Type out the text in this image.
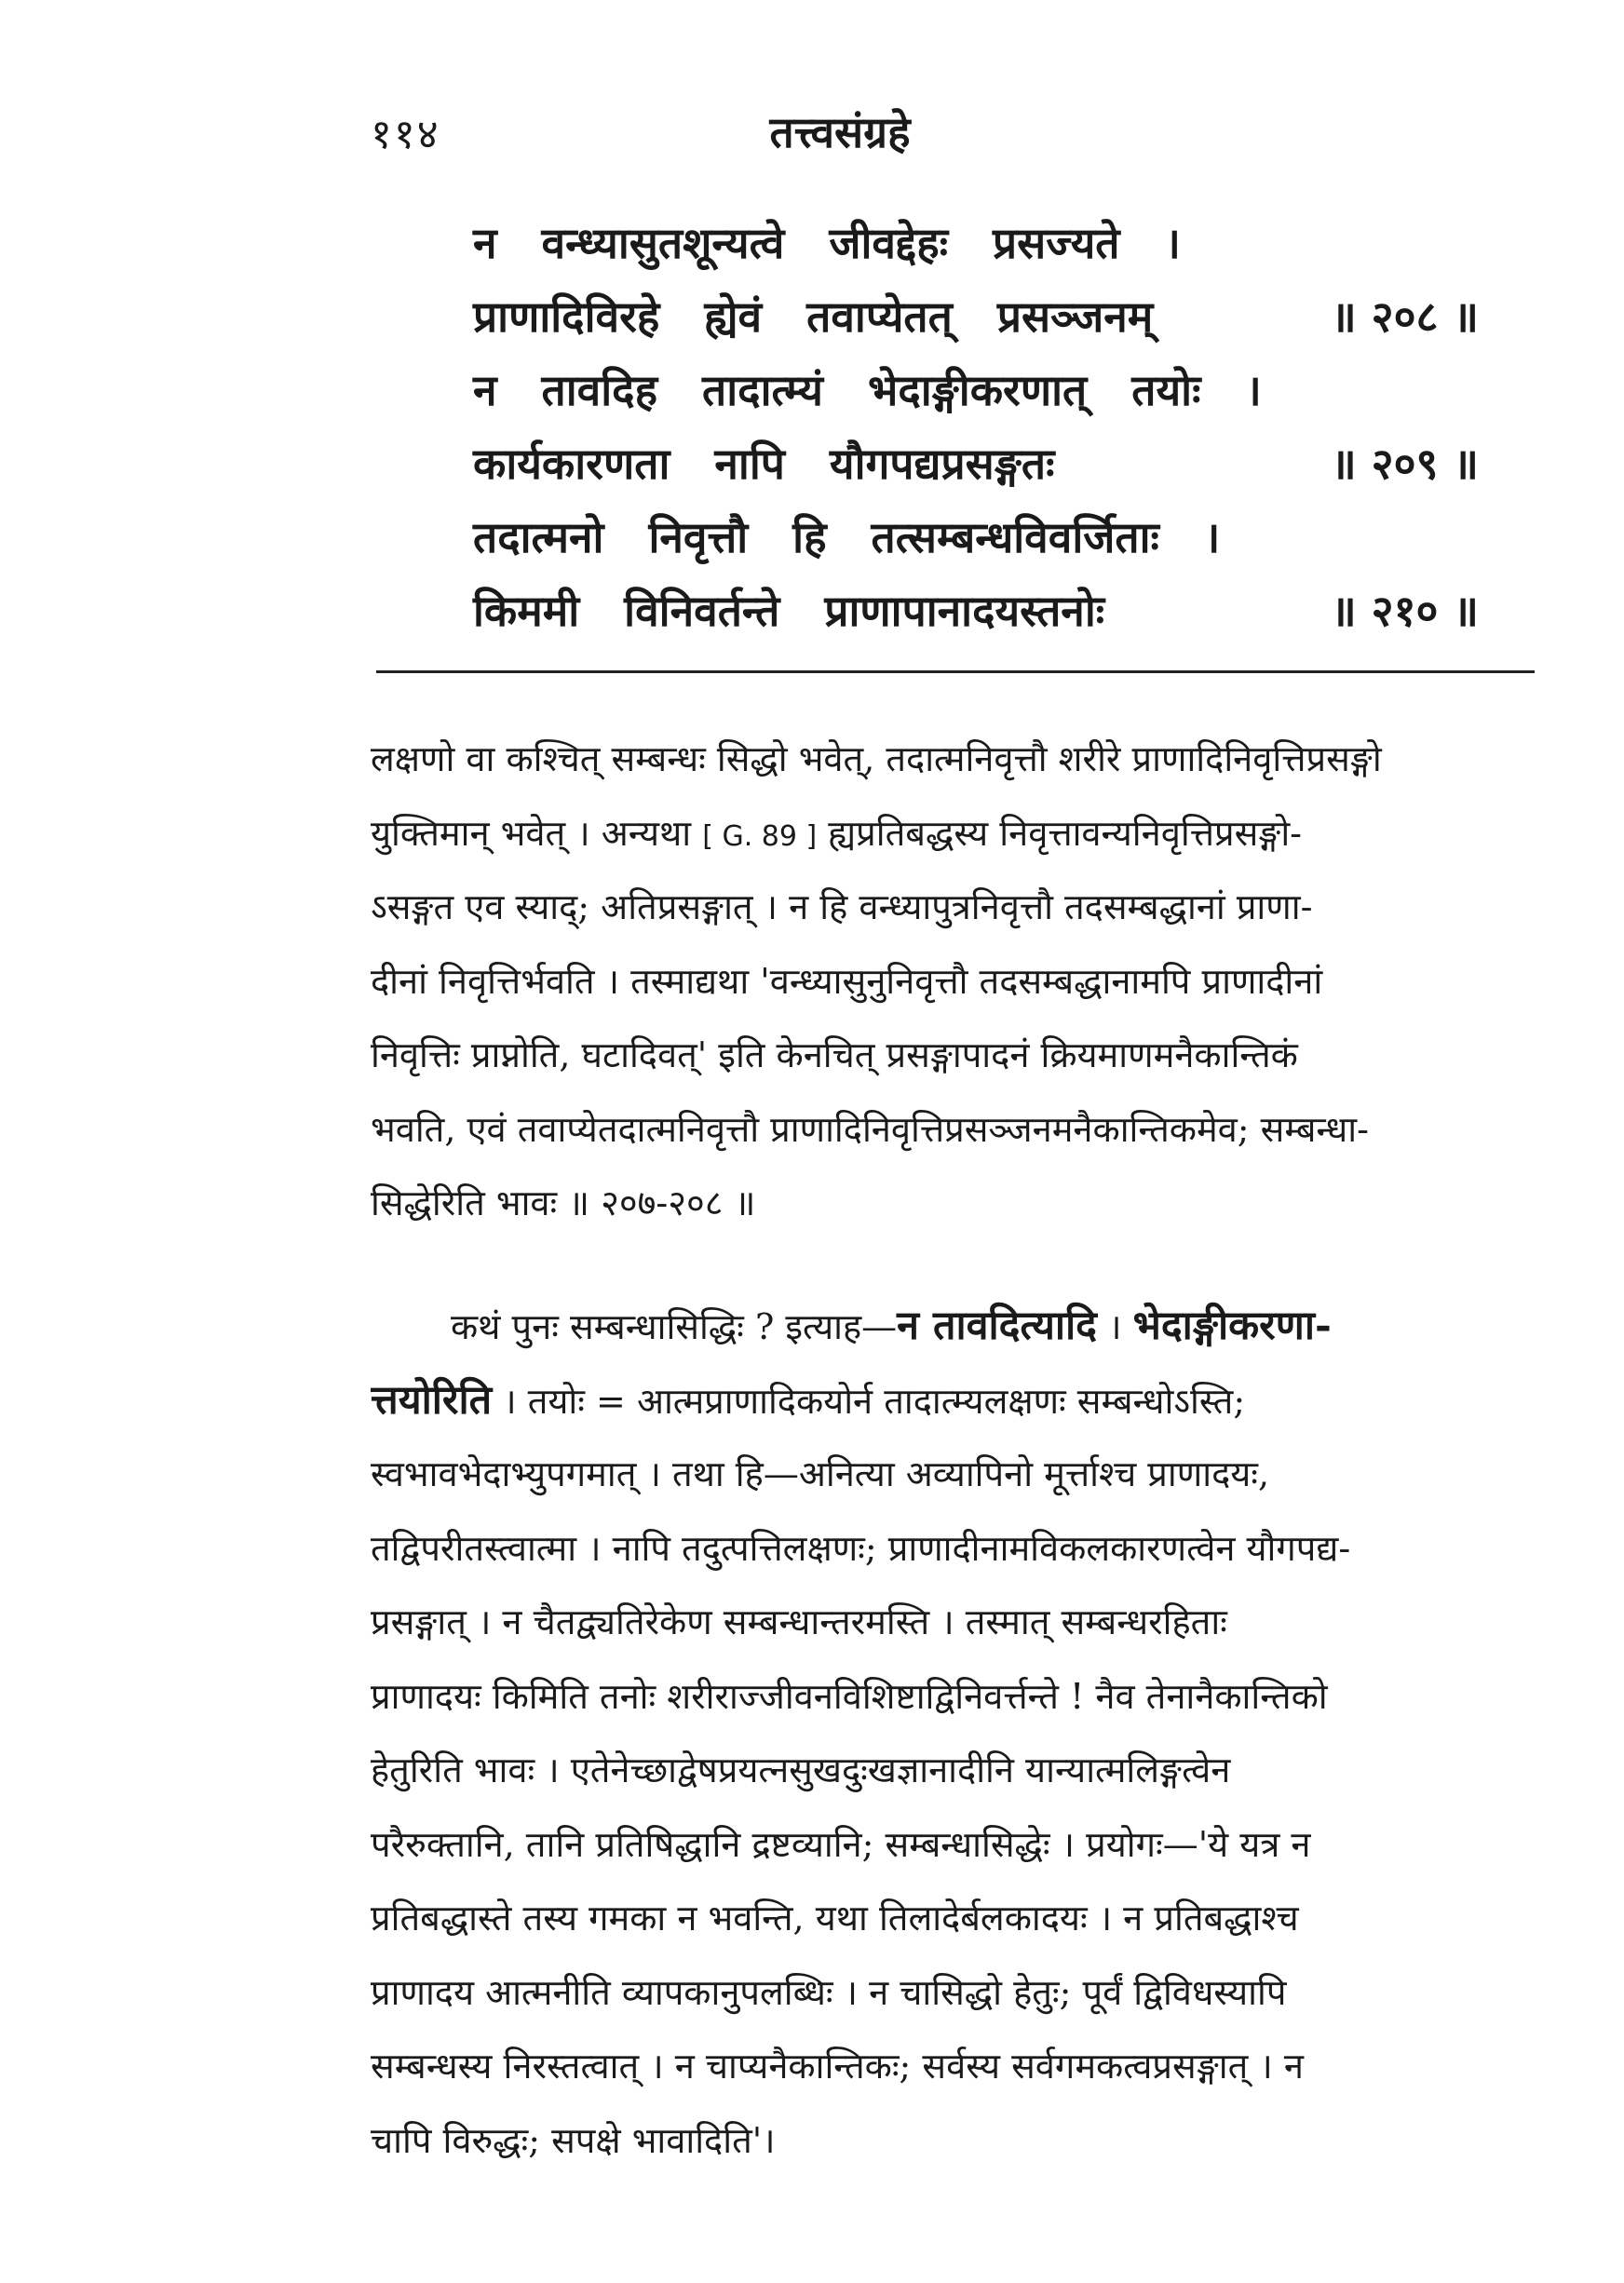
११४	तत्त्वसंग्रहे
न वन्ध्यासुतशून्यत्वे जीवद्देहः प्रसज्यते ।
प्राणादिविरहे ह्येवं तवाप्येतत् प्रसञ्जनम्	॥ २०८ ॥
न तावदिह तादात्म्यं भेदाङ्गीकरणात् तयोः ।
कार्यकारणता नापि यौगपद्यप्रसङ्गतः	॥ २०९ ॥
तदात्मनो निवृत्तौ हि तत्सम्बन्धविवर्जिताः ।
किममी विनिवर्तन्ते प्राणापानादयस्तनोः	॥ २१० ॥
लक्षणो वा कश्चित् सम्बन्धः सिद्धो भवेत्, तदात्मनिवृत्तौ शरीरे प्राणादिनिवृत्तिप्रसङ्गो
युक्तिमान् भवेत् । अन्यथा [ G. 89 ] ह्यप्रतिबद्धस्य निवृत्तावन्यनिवृत्तिप्रसङ्गो-
ऽसङ्गत एव स्याद्; अतिप्रसङ्गात् । न हि वन्ध्यापुत्रनिवृत्तौ तदसम्बद्धानां प्राणा-
दीनां निवृत्तिर्भवति । तस्माद्यथा 'वन्ध्यासुनुनिवृत्तौ तदसम्बद्धानामपि प्राणादीनां
निवृत्तिः प्राप्नोति, घटादिवत्' इति केनचित् प्रसङ्गापादनं क्रियमाणमनैकान्तिकं
भवति, एवं तवाप्येतदात्मनिवृत्तौ प्राणादिनिवृत्तिप्रसञ्जनमनैकान्तिकमेव; सम्बन्धा-
सिद्धेरिति भावः ॥ २०७-२०८ ॥
कथं पुनः सम्बन्धासिद्धिः ? इत्याह—न तावदित्यादि । भेदाङ्गीकरणा-
त्तयोरिति । तयोः = आत्मप्राणादिकयोर्न तादात्म्यलक्षणः सम्बन्धोऽस्ति;
स्वभावभेदाभ्युपगमात् । तथा हि—अनित्या अव्यापिनो मूर्त्ताश्च प्राणादयः,
तद्विपरीतस्त्वात्मा । नापि तदुत्पत्तिलक्षणः; प्राणादीनामविकलकारणत्वेन यौगपद्य-
प्रसङ्गात् । न चैतद्व्यतिरेकेण सम्बन्धान्तरमस्ति । तस्मात् सम्बन्धरहिताः
प्राणादयः किमिति तनोः शरीराज्जीवनविशिष्टाद्विनिवर्त्तन्ते ! नैव तेनानैकान्तिको
हेतुरिति भावः । एतेनेच्छाद्वेषप्रयत्नसुखदुःखज्ञानादीनि यान्यात्मलिङ्गत्वेन
परैरुक्तानि, तानि प्रतिषिद्धानि द्रष्टव्यानि; सम्बन्धासिद्धेः । प्रयोगः—'ये यत्र न
प्रतिबद्धास्ते तस्य गमका न भवन्ति, यथा तिलादेर्बलकादयः । न प्रतिबद्धाश्च
प्राणादय आत्मनीति व्यापकानुपलब्धिः । न चासिद्धो हेतुः; पूर्वं द्विविधस्यापि
सम्बन्धस्य निरस्तत्वात् । न चाप्यनैकान्तिकः; सर्वस्य सर्वगमकत्वप्रसङ्गात् । न
चापि विरुद्धः; सपक्षे भावादिति'।
